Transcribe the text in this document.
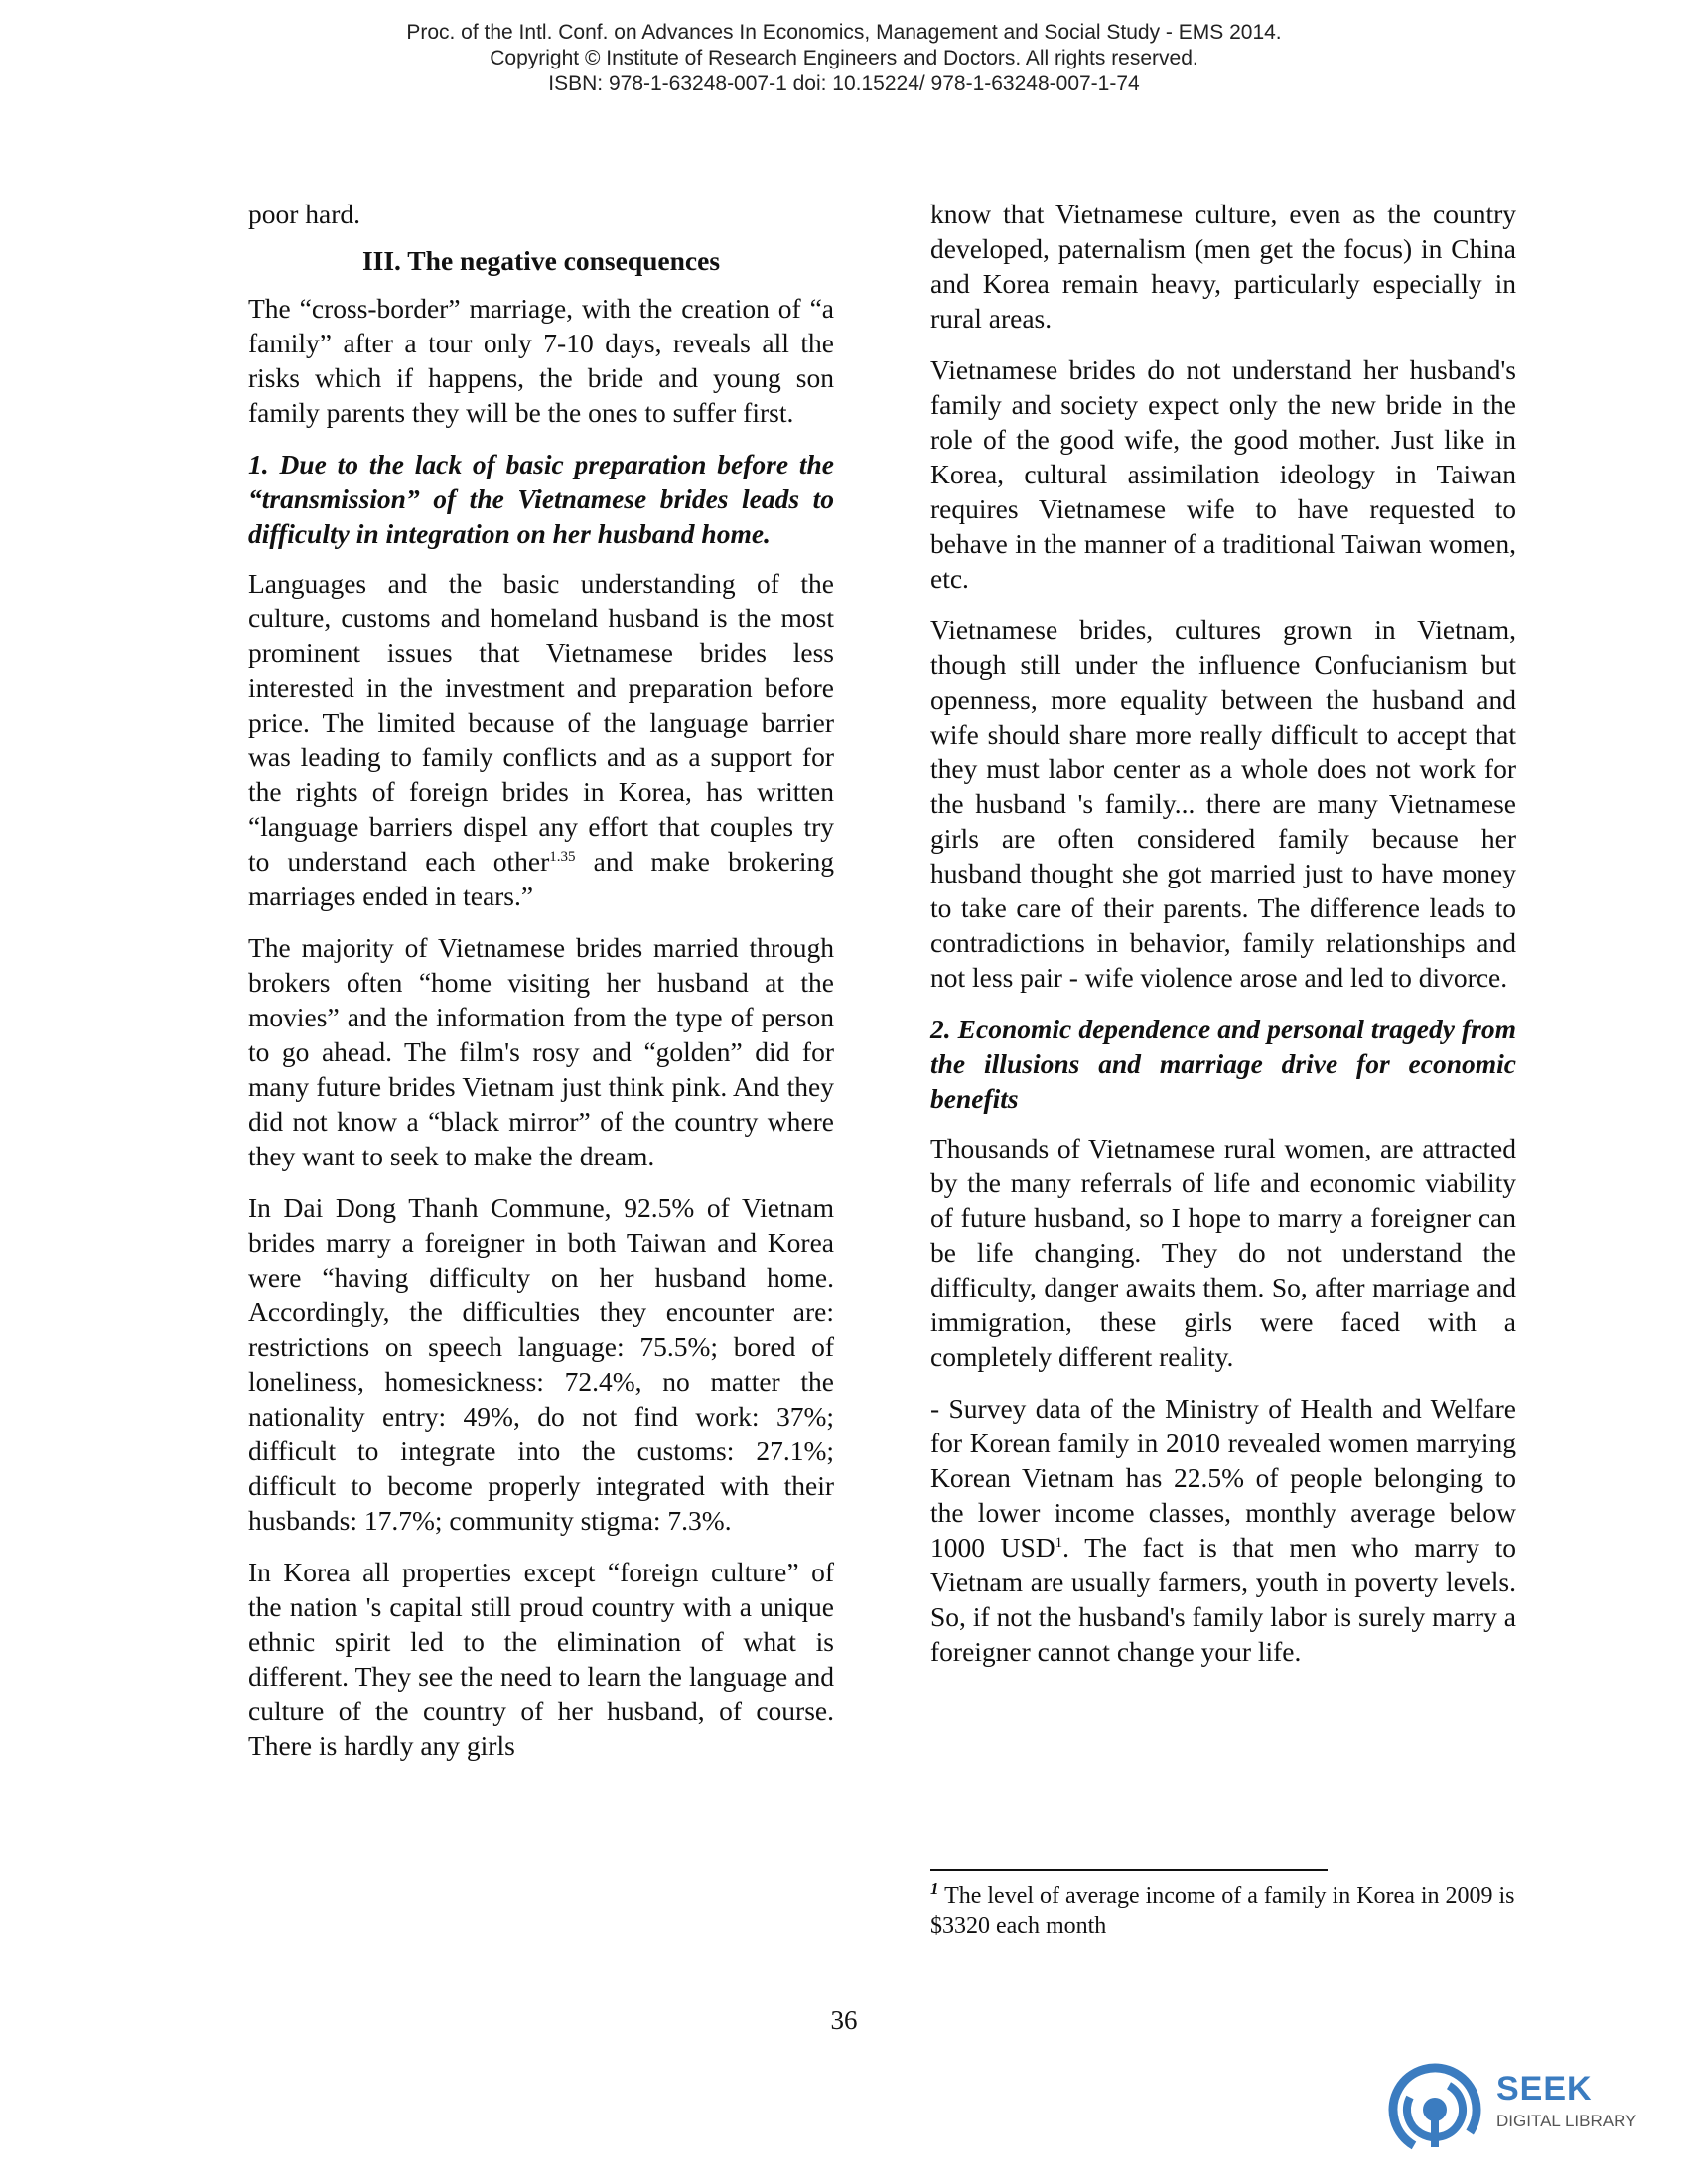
Proc. of the Intl. Conf. on Advances In Economics, Management and Social Study - EMS 2014.
Copyright © Institute of Research Engineers and Doctors. All rights reserved.
ISBN: 978-1-63248-007-1 doi: 10.15224/ 978-1-63248-007-1-74

poor hard.

III. The negative consequences

The “cross-border” marriage, with the creation of “a family” after a tour only 7-10 days, reveals all the risks which if happens, the bride and young son family parents they will be the ones to suffer first.

1. Due to the lack of basic preparation before the “transmission” of the Vietnamese brides leads to difficulty in integration on her husband home.

Languages and the basic understanding of the culture, customs and homeland husband is the most prominent issues that Vietnamese brides less interested in the investment and preparation before price. The limited because of the language barrier was leading to family conflicts and as a support for the rights of foreign brides in Korea, has written “language barriers dispel any effort that couples try to understand each other$^{1.35}$ and make brokering marriages ended in tears.”

The majority of Vietnamese brides married through brokers often “home visiting her husband at the movies” and the information from the type of person to go ahead. The film's rosy and “golden” did for many future brides Vietnam just think pink. And they did not know a “black mirror” of the country where they want to seek to make the dream.

In Dai Dong Thanh Commune, 92.5% of Vietnam brides marry a foreigner in both Taiwan and Korea were “having difficulty on her husband home. Accordingly, the difficulties they encounter are: restrictions on speech language: 75.5%; bored of loneliness, homesickness: 72.4%, no matter the nationality entry: 49%, do not find work: 37%; difficult to integrate into the customs: 27.1%; difficult to become properly integrated with their husbands: 17.7%; community stigma: 7.3%.

In Korea all properties except “foreign culture” of the nation 's capital still proud country with a unique ethnic spirit led to the elimination of what is different. They see the need to learn the language and culture of the country of her husband, of course. There is hardly any girls

know that Vietnamese culture, even as the country developed, paternalism (men get the focus) in China and Korea remain heavy, particularly especially in rural areas.

Vietnamese brides do not understand her husband's family and society expect only the new bride in the role of the good wife, the good mother. Just like in Korea, cultural assimilation ideology in Taiwan requires Vietnamese wife to have requested to behave in the manner of a traditional Taiwan women, etc.

Vietnamese brides, cultures grown in Vietnam, though still under the influence Confucianism but openness, more equality between the husband and wife should share more really difficult to accept that they must labor center as a whole does not work for the husband 's family... there are many Vietnamese girls are often considered family because her husband thought she got married just to have money to take care of their parents. The difference leads to contradictions in behavior, family relationships and not less pair - wife violence arose and led to divorce.

2. Economic dependence and personal tragedy from the illusions and marriage drive for economic benefits

Thousands of Vietnamese rural women, are attracted by the many referrals of life and economic viability of future husband, so I hope to marry a foreigner can be life changing. They do not understand the difficulty, danger awaits them. So, after marriage and immigration, these girls were faced with a completely different reality.

- Survey data of the Ministry of Health and Welfare for Korean family in 2010 revealed women marrying Korean Vietnam has 22.5% of people belonging to the lower income classes, monthly average below 1000 USD$^1$. The fact is that men who marry to Vietnam are usually farmers, youth in poverty levels. So, if not the husband's family labor is surely marry a foreigner cannot change your life.

$^1$ The level of average income of a family in Korea in 2009 is $3320 each month
36
SEEK
DIGITAL LIBRARY
